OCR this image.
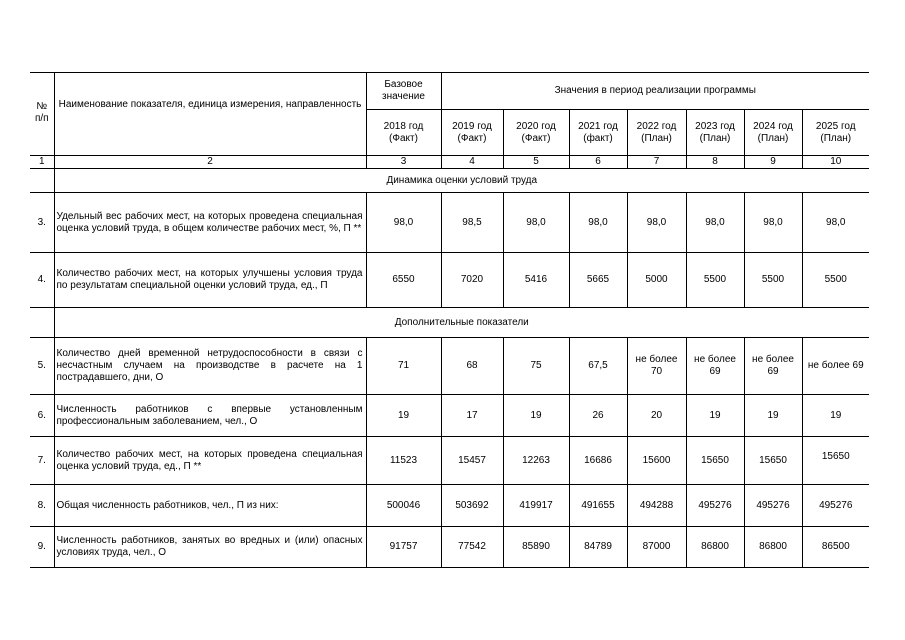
№ п/п	Наименование показателя, единица измерения, направленность	Базовое значение	Значения в период реализации программы						
		2018 год (Факт)	2019 год (Факт)	2020 год (Факт)	2021 год (факт)	2022 год (План)	2023 год (План)	2024 год (План)	2025 год (План)
1	2	3	4	5	6	7	8	9	10
	Динамика оценки условий труда								
3.	Удельный вес рабочих мест, на которых проведена специальная оценка условий труда, в общем количестве рабочих мест, %, П **	98,0	98,5	98,0	98,0	98,0	98,0	98,0	98,0
4.	Количество рабочих мест, на которых улучшены условия труда по результатам специальной оценки условий труда, ед., П	6550	7020	5416	5665	5000	5500	5500	5500
	Дополнительные показатели								
5.	Количество дней временной нетрудоспособности в связи с несчастным случаем на производстве в расчете на 1 пострадавшего, дни, О	71	68	75	67,5	не более 70	не более 69	не более 69	не более 69
6.	Численность работников с впервые установленным профессиональным заболеванием, чел., О	19	17	19	26	20	19	19	19
7.	Количество рабочих мест, на которых проведена специальная оценка условий труда, ед., П **	11523	15457	12263	16686	15600	15650	15650	15650
8.	Общая численность работников, чел., П из них:	500046	503692	419917	491655	494288	495276	495276	495276
9.	Численность работников, занятых во вредных и (или) опасных условиях труда, чел., О	91757	77542	85890	84789	87000	86800	86800	86500
